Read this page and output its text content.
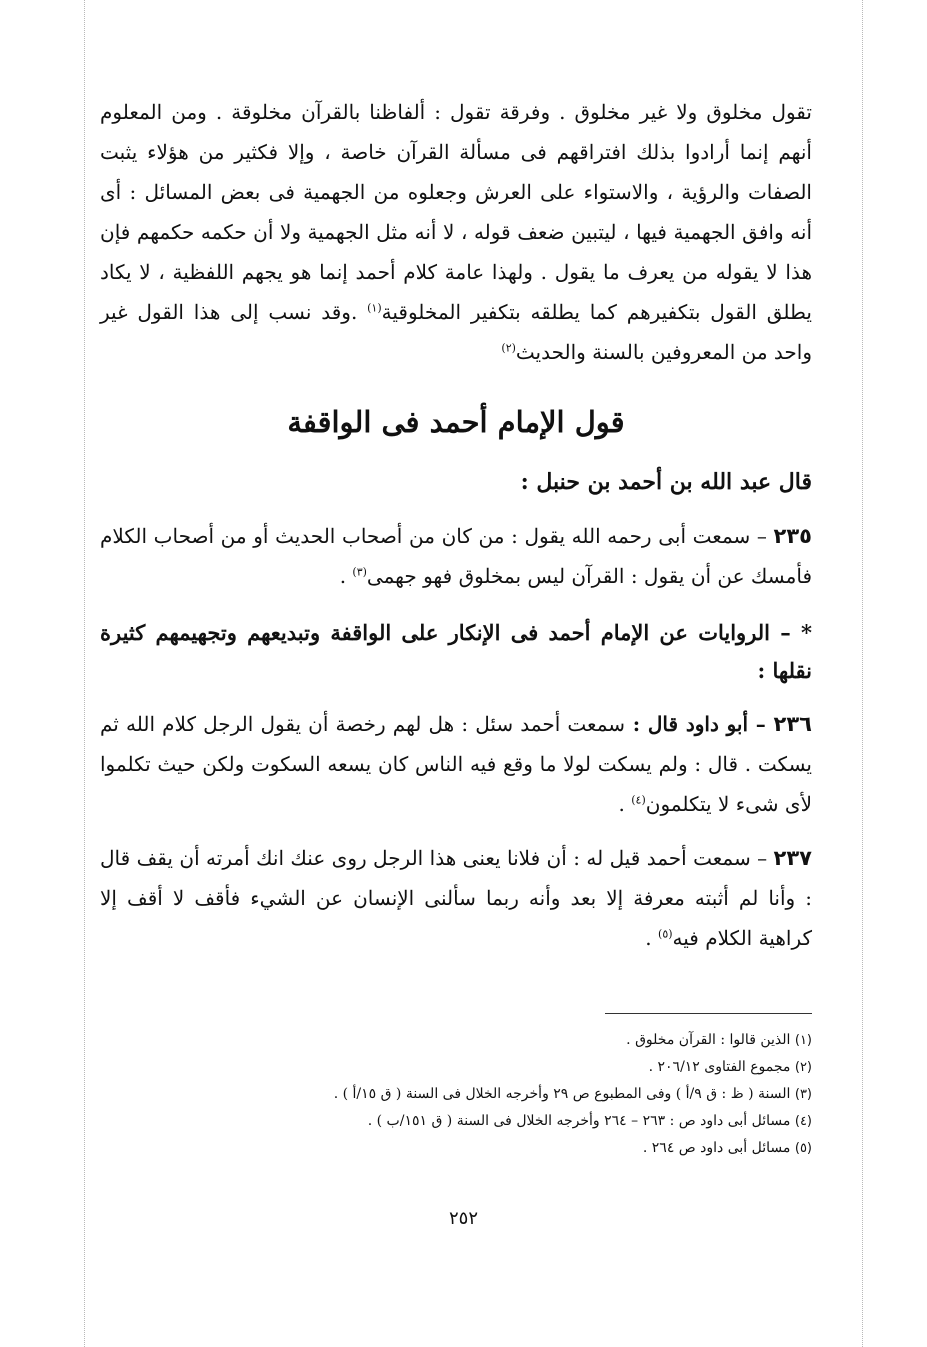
تقول مخلوق ولا غير مخلوق . وفرقة تقول : ألفاظنا بالقرآن مخلوقة . ومن المعلوم أنهم إنما أرادوا بذلك افتراقهم فى مسألة القرآن خاصة ، وإلا فكثير من هؤلاء يثبت الصفات والرؤية ، والاستواء على العرش وجعلوه من الجهمية فى بعض المسائل : أى أنه وافق الجهمية فيها ، ليتبين ضعف قوله ، لا أنه مثل الجهمية ولا أن حكمه حكمهم فإن هذا لا يقوله من يعرف ما يقول . ولهذا عامة كلام أحمد إنما هو يجهم اللفظية ، لا يكاد يطلق القول بتكفيرهم كما يطلقه بتكفير المخلوقية$^{(١)}$ .وقد نسب إلى هذا القول غير واحد من المعروفين بالسنة والحديث$^{(٢)}$

قول الإمام أحمد فى الواقفة

قال عبد الله بن أحمد بن حنبل :

٢٣٥ – سمعت أبى رحمه الله يقول : من كان من أصحاب الحديث أو من أصحاب الكلام فأمسك عن أن يقول : القرآن ليس بمخلوق فهو جهمى$^{(٣)}$ .

* – الروايات عن الإمام أحمد فى الإنكار على الواقفة وتبديعهم وتجهيمهم كثيرة نقلها :

٢٣٦ – أبو داود قال : سمعت أحمد سئل : هل لهم رخصة أن يقول الرجل كلام الله ثم يسكت . قال : ولم يسكت لولا ما وقع فيه الناس كان يسعه السكوت ولكن حيث تكلموا لأى شىء لا يتكلمون$^{(٤)}$ .

٢٣٧ – سمعت أحمد قيل له : أن فلانا يعنى هذا الرجل روى عنك انك أمرته أن يقف قال : وأنا لم أثبته معرفة إلا بعد وأنه ربما سألنى الإنسان عن الشيء فأقف لا أقف إلا كراهية الكلام فيه$^{(٥)}$ .

(١) الذين قالوا : القرآن مخلوق .

(٢) مجموع الفتاوى ٢٠٦/١٢ .

(٣) السنة ( ظ : ق ٩/أ ) وفى المطبوع ص ٢٩ وأخرجه الخلال فى السنة ( ق ١٥/أ ) .

(٤) مسائل أبى داود ص : ٢٦٣ – ٢٦٤ وأخرجه الخلال فى السنة ( ق ١٥١/ب ) .

(٥) مسائل أبى داود ص ٢٦٤ .

٢٥٢
